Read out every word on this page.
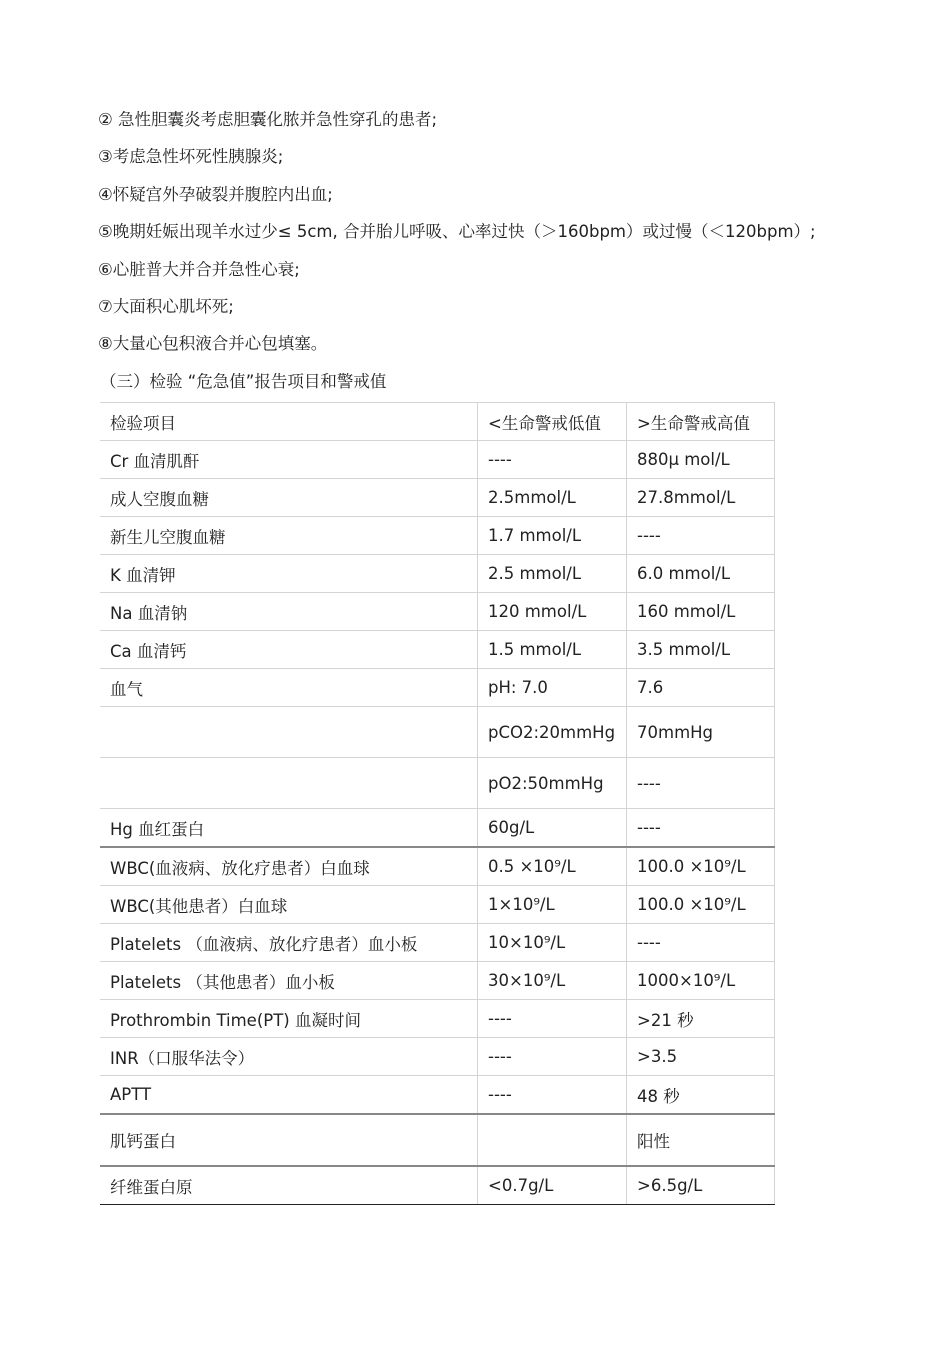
② 急性胆囊炎考虑胆囊化脓并急性穿孔的患者;
③考虑急性坏死性胰腺炎;
④怀疑宫外孕破裂并腹腔内出血;
⑤晚期妊娠出现羊水过少≤ 5cm, 合并胎儿呼吸、心率过快（＞160bpm）或过慢（＜120bpm）;
⑥心脏普大并合并急性心衰;
⑦大面积心肌坏死;
⑧大量心包积液合并心包填塞。
（三）检验 “危急值”报告项目和警戒值
检验项目	<生命警戒低值	>生命警戒高值
Cr 血清肌酐	----	880μ mol/L
成人空腹血糖	2.5mmol/L	27.8mmol/L
新生儿空腹血糖	1.7 mmol/L	----
K 血清钾	2.5 mmol/L	6.0 mmol/L
Na 血清钠	120 mmol/L	160 mmol/L
Ca 血清钙	1.5 mmol/L	3.5 mmol/L
血气	pH: 7.0	7.6
	pCO2:20mmHg	70mmHg
	pO2:50mmHg	----
Hg 血红蛋白	60g/L	----
WBC(血液病、放化疗患者）白血球	0.5 ×10⁹/L	100.0 ×10⁹/L
WBC(其他患者）白血球	1×10⁹/L	100.0 ×10⁹/L
Platelets （血液病、放化疗患者）血小板	10×10⁹/L	----
Platelets （其他患者）血小板	30×10⁹/L	1000×10⁹/L
Prothrombin Time(PT) 血凝时间	----	>21 秒
INR（口服华法令）	----	>3.5
APTT	----	48 秒
肌钙蛋白		阳性
纤维蛋白原	<0.7g/L	>6.5g/L
